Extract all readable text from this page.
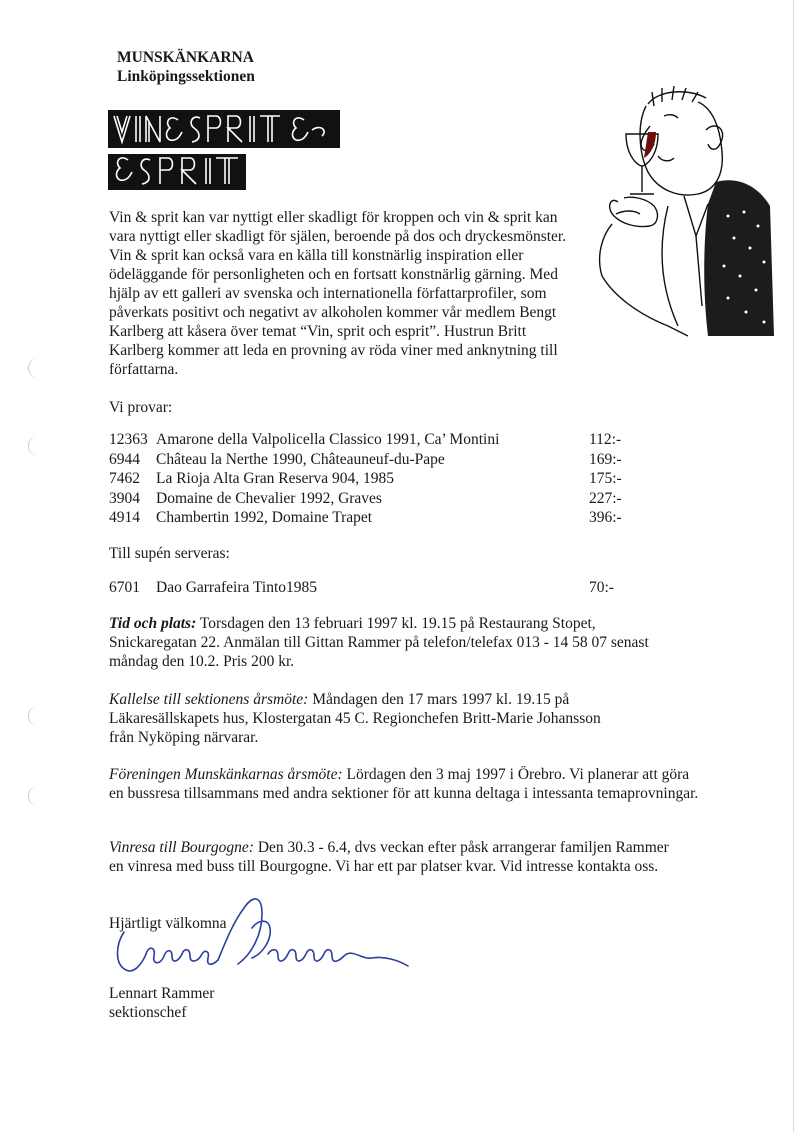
MUNSKÄNKARNA
Linköpingssektionen
Vin & sprit kan var nyttigt eller skadligt för kroppen och vin & sprit kan vara nyttigt eller skadligt för själen, beroende på dos och dryckesmönster. Vin & sprit kan också vara en källa till konstnärlig inspiration eller ödeläggande för personligheten och en fortsatt konstnärlig gärning. Med hjälp av ett galleri av svenska och internationella författarprofiler, som påverkats positivt och negativt av alkoholen kommer vår medlem Bengt Karlberg att kåsera över temat “Vin, sprit och esprit”. Hustrun Britt Karlberg kommer att leda en provning av röda viner med anknytning till författarna.
Vi provar:
12363 Amarone della Valpolicella Classico 1991, Ca’ Montini	112:-
6944	Château la Nerthe 1990, Châteauneuf-du-Pape	169:-
7462	La Rioja Alta Gran Reserva 904, 1985	175:-
3904	Domaine de Chevalier 1992, Graves	227:-
4914	Chambertin 1992, Domaine Trapet	396:-
Till supén serveras:
6701	Dao Garrafeira Tinto1985	70:-
Tid och plats: Torsdagen den 13 februari 1997 kl. 19.15 på Restaurang Stopet, Snickaregatan 22. Anmälan till Gittan Rammer på telefon/telefax 013 - 14 58 07 senast måndag den 10.2. Pris 200 kr.
Kallelse till sektionens årsmöte: Måndagen den 17 mars 1997 kl. 19.15 på Läkaresällskapets hus, Klostergatan 45 C. Regionchefen Britt-Marie Johansson från Nyköping närvarar.
Föreningen Munskänkarnas årsmöte: Lördagen den 3 maj 1997 i Örebro. Vi planerar att göra en bussresa tillsammans med andra sektioner för att kunna deltaga i intessanta temaprovningar.
Vinresa till Bourgogne: Den 30.3 - 6.4, dvs veckan efter påsk arrangerar familjen Rammer en vinresa med buss till Bourgogne. Vi har ett par platser kvar. Vid intresse kontakta oss.
Hjärtligt välkomna
Lennart Rammer
sektionschef
